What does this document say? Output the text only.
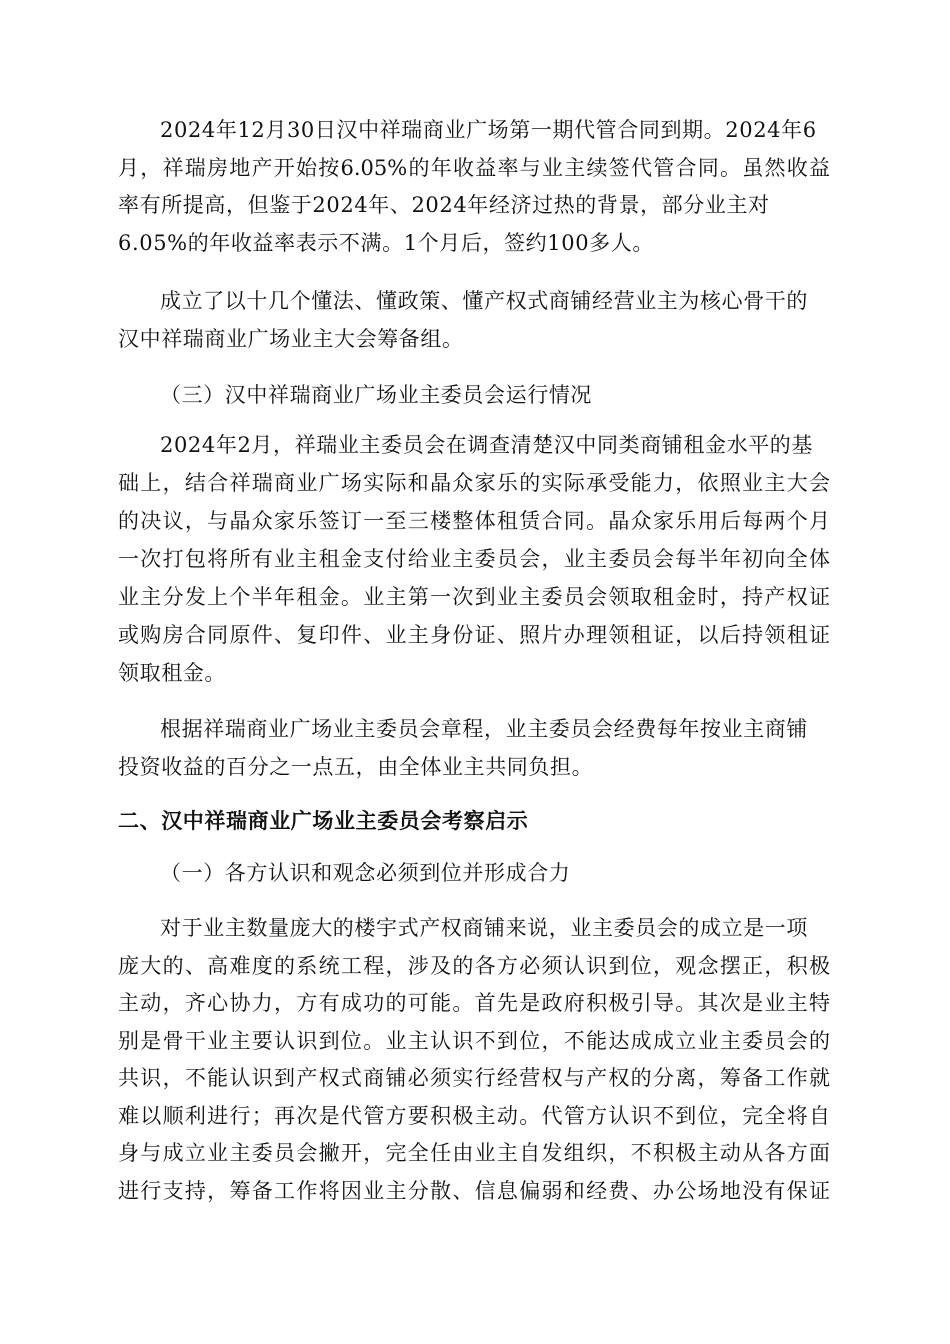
2024年12月30日汉中祥瑞商业广场第一期代管合同到期。2024年6
月，祥瑞房地产开始按6.05%的年收益率与业主续签代管合同。虽然收益
率有所提高，但鉴于2024年、2024年经济过热的背景，部分业主对
6.05%的年收益率表示不满。1个月后，签约100多人。
成立了以十几个懂法、懂政策、懂产权式商铺经营业主为核心骨干的
汉中祥瑞商业广场业主大会筹备组。
（三）汉中祥瑞商业广场业主委员会运行情况
2024年2月，祥瑞业主委员会在调查清楚汉中同类商铺租金水平的基
础上，结合祥瑞商业广场实际和晶众家乐的实际承受能力，依照业主大会
的决议，与晶众家乐签订一至三楼整体租赁合同。晶众家乐用后每两个月
一次打包将所有业主租金支付给业主委员会，业主委员会每半年初向全体
业主分发上个半年租金。业主第一次到业主委员会领取租金时，持产权证
或购房合同原件、复印件、业主身份证、照片办理领租证，以后持领租证
领取租金。
根据祥瑞商业广场业主委员会章程，业主委员会经费每年按业主商铺
投资收益的百分之一点五，由全体业主共同负担。
二、汉中祥瑞商业广场业主委员会考察启示
（一）各方认识和观念必须到位并形成合力
对于业主数量庞大的楼宇式产权商铺来说，业主委员会的成立是一项
庞大的、高难度的系统工程，涉及的各方必须认识到位，观念摆正，积极
主动，齐心协力，方有成功的可能。首先是政府积极引导。其次是业主特
别是骨干业主要认识到位。业主认识不到位，不能达成成立业主委员会的
共识，不能认识到产权式商铺必须实行经营权与产权的分离，筹备工作就
难以顺利进行；再次是代管方要积极主动。代管方认识不到位，完全将自
身与成立业主委员会撇开，完全任由业主自发组织，不积极主动从各方面
进行支持，筹备工作将因业主分散、信息偏弱和经费、办公场地没有保证
